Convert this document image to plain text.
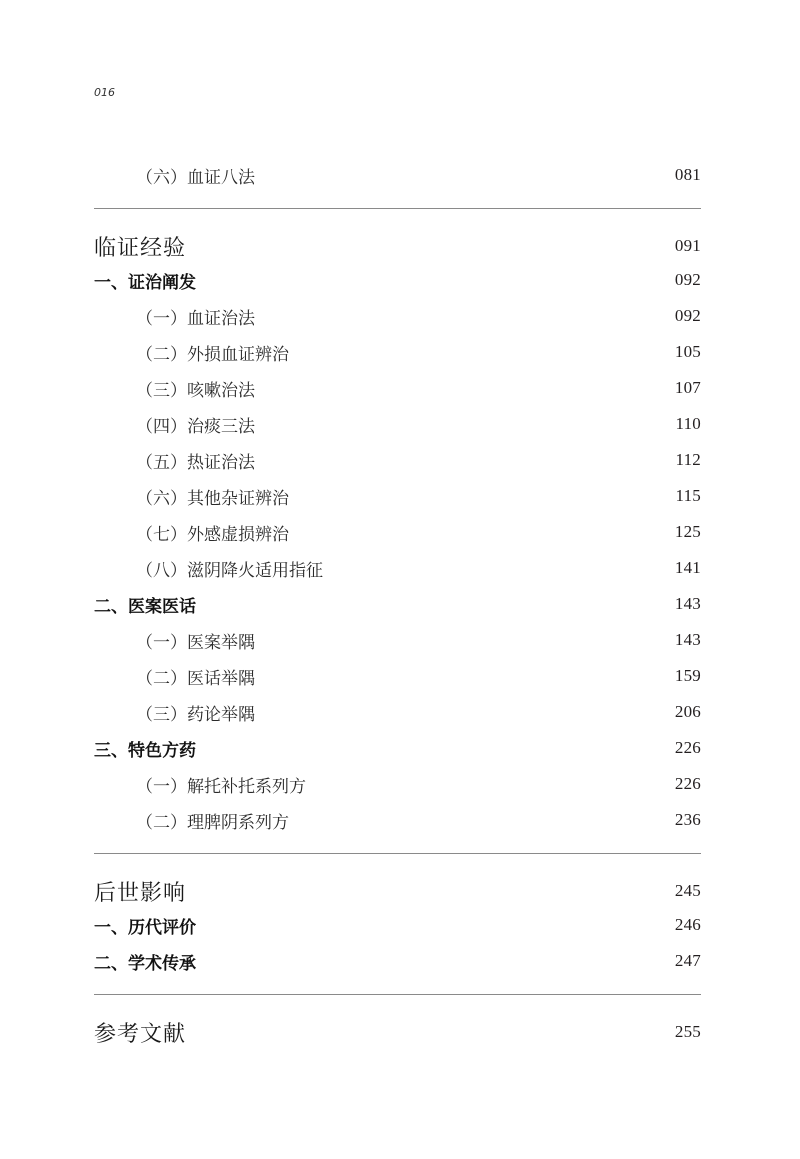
016
（六）血证八法	081
临证经验	091
一、证治阐发	092
（一）血证治法	092
（二）外损血证辨治	105
（三）咳嗽治法	107
（四）治痰三法	110
（五）热证治法	112
（六）其他杂证辨治	115
（七）外感虚损辨治	125
（八）滋阴降火适用指征	141
二、医案医话	143
（一）医案举隅	143
（二）医话举隅	159
（三）药论举隅	206
三、特色方药	226
（一）解托补托系列方	226
（二）理脾阴系列方	236
后世影响	245
一、历代评价	246
二、学术传承	247
参考文献	255
